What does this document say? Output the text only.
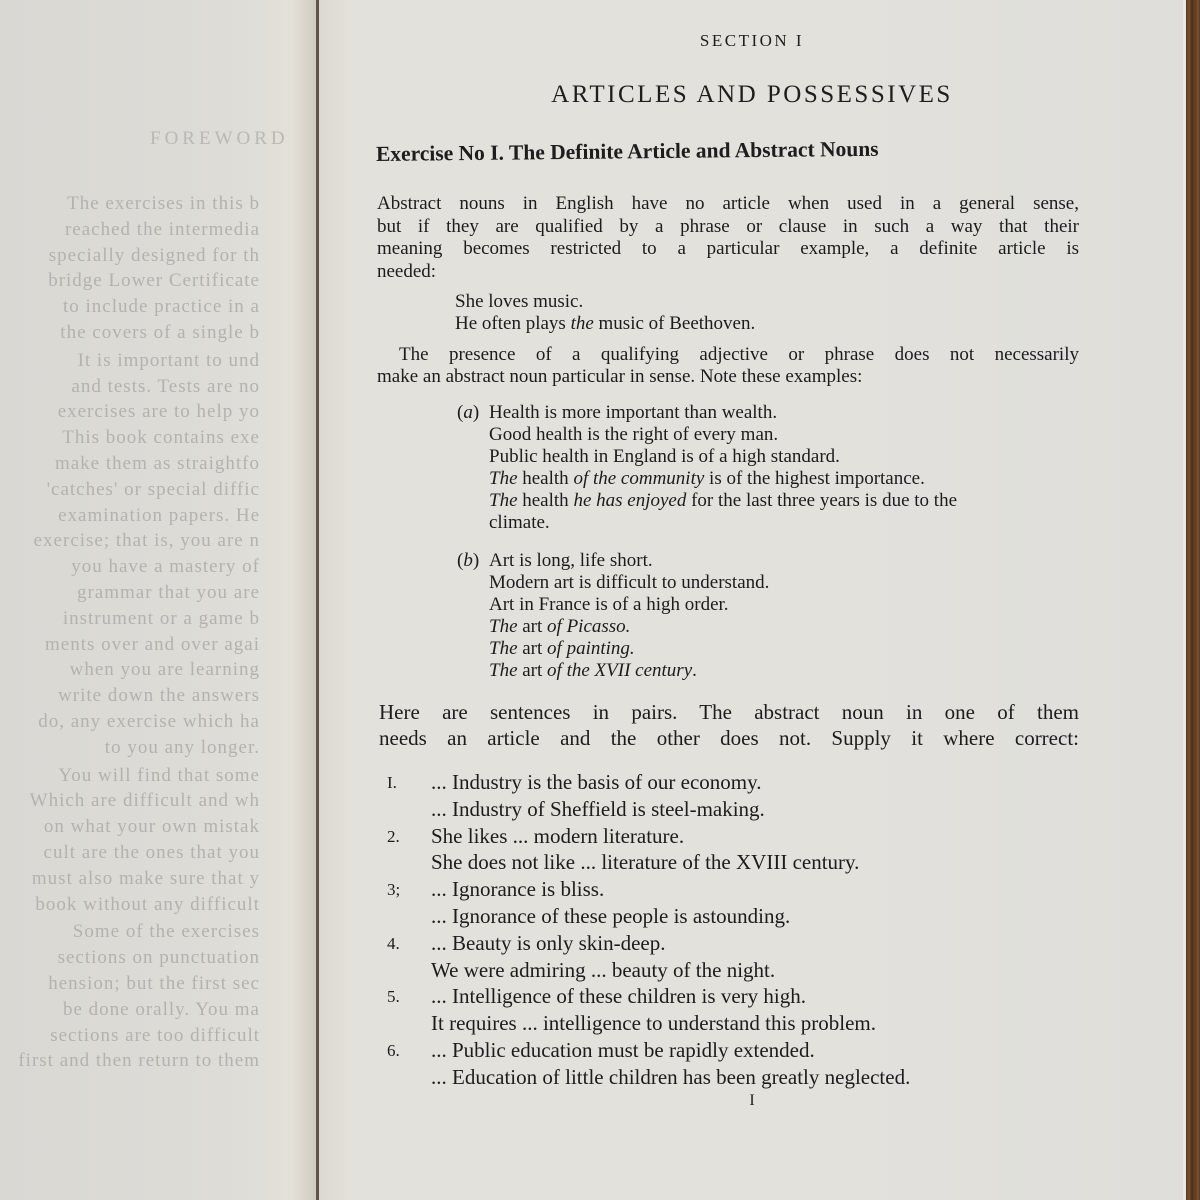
FOREWORD
The exercises in this b
reached the intermedia
specially designed for th
bridge Lower Certificate
to include practice in a
the covers of a single b
It is important to und
and tests. Tests are no
exercises are to help yo
This book contains exe
make them as straightfo
'catches' or special diffic
examination papers. He
exercise; that is, you are n
you have a mastery of
grammar that you are
instrument or a game b
ments over and over agai
when you are learning
write down the answers
do, any exercise which ha
to you any longer.
You will find that some
Which are difficult and wh
on what your own mistak
cult are the ones that you
must also make sure that y
book without any difficult
Some of the exercises
sections on punctuation
hension; but the first sec
be done orally. You ma
sections are too difficult
first and then return to them
SECTION I
ARTICLES AND POSSESSIVES
Exercise No I. The Definite Article and Abstract Nouns
Abstract nouns in English have no article when used in a general sense,
but if they are qualified by a phrase or clause in such a way that their
meaning becomes restricted to a particular example, a definite article is
needed:
She loves music.
He often plays the music of Beethoven.
The presence of a qualifying adjective or phrase does not necessarily
make an abstract noun particular in sense. Note these examples:
(a) Health is more important than wealth.
Good health is the right of every man.
Public health in England is of a high standard.
The health of the community is of the highest importance.
The health he has enjoyed for the last three years is due to the
climate.
(b) Art is long, life short.
Modern art is difficult to understand.
Art in France is of a high order.
The art of Picasso.
The art of painting.
The art of the XVII century.
Here are sentences in pairs. The abstract noun in one of them
needs an article and the other does not. Supply it where correct:
I. ... Industry is the basis of our economy.
... Industry of Sheffield is steel-making.
2. She likes ... modern literature.
She does not like ... literature of the XVIII century.
3; ... Ignorance is bliss.
... Ignorance of these people is astounding.
4. ... Beauty is only skin-deep.
We were admiring ... beauty of the night.
5. ... Intelligence of these children is very high.
It requires ... intelligence to understand this problem.
6. ... Public education must be rapidly extended.
... Education of little children has been greatly neglected.
I
